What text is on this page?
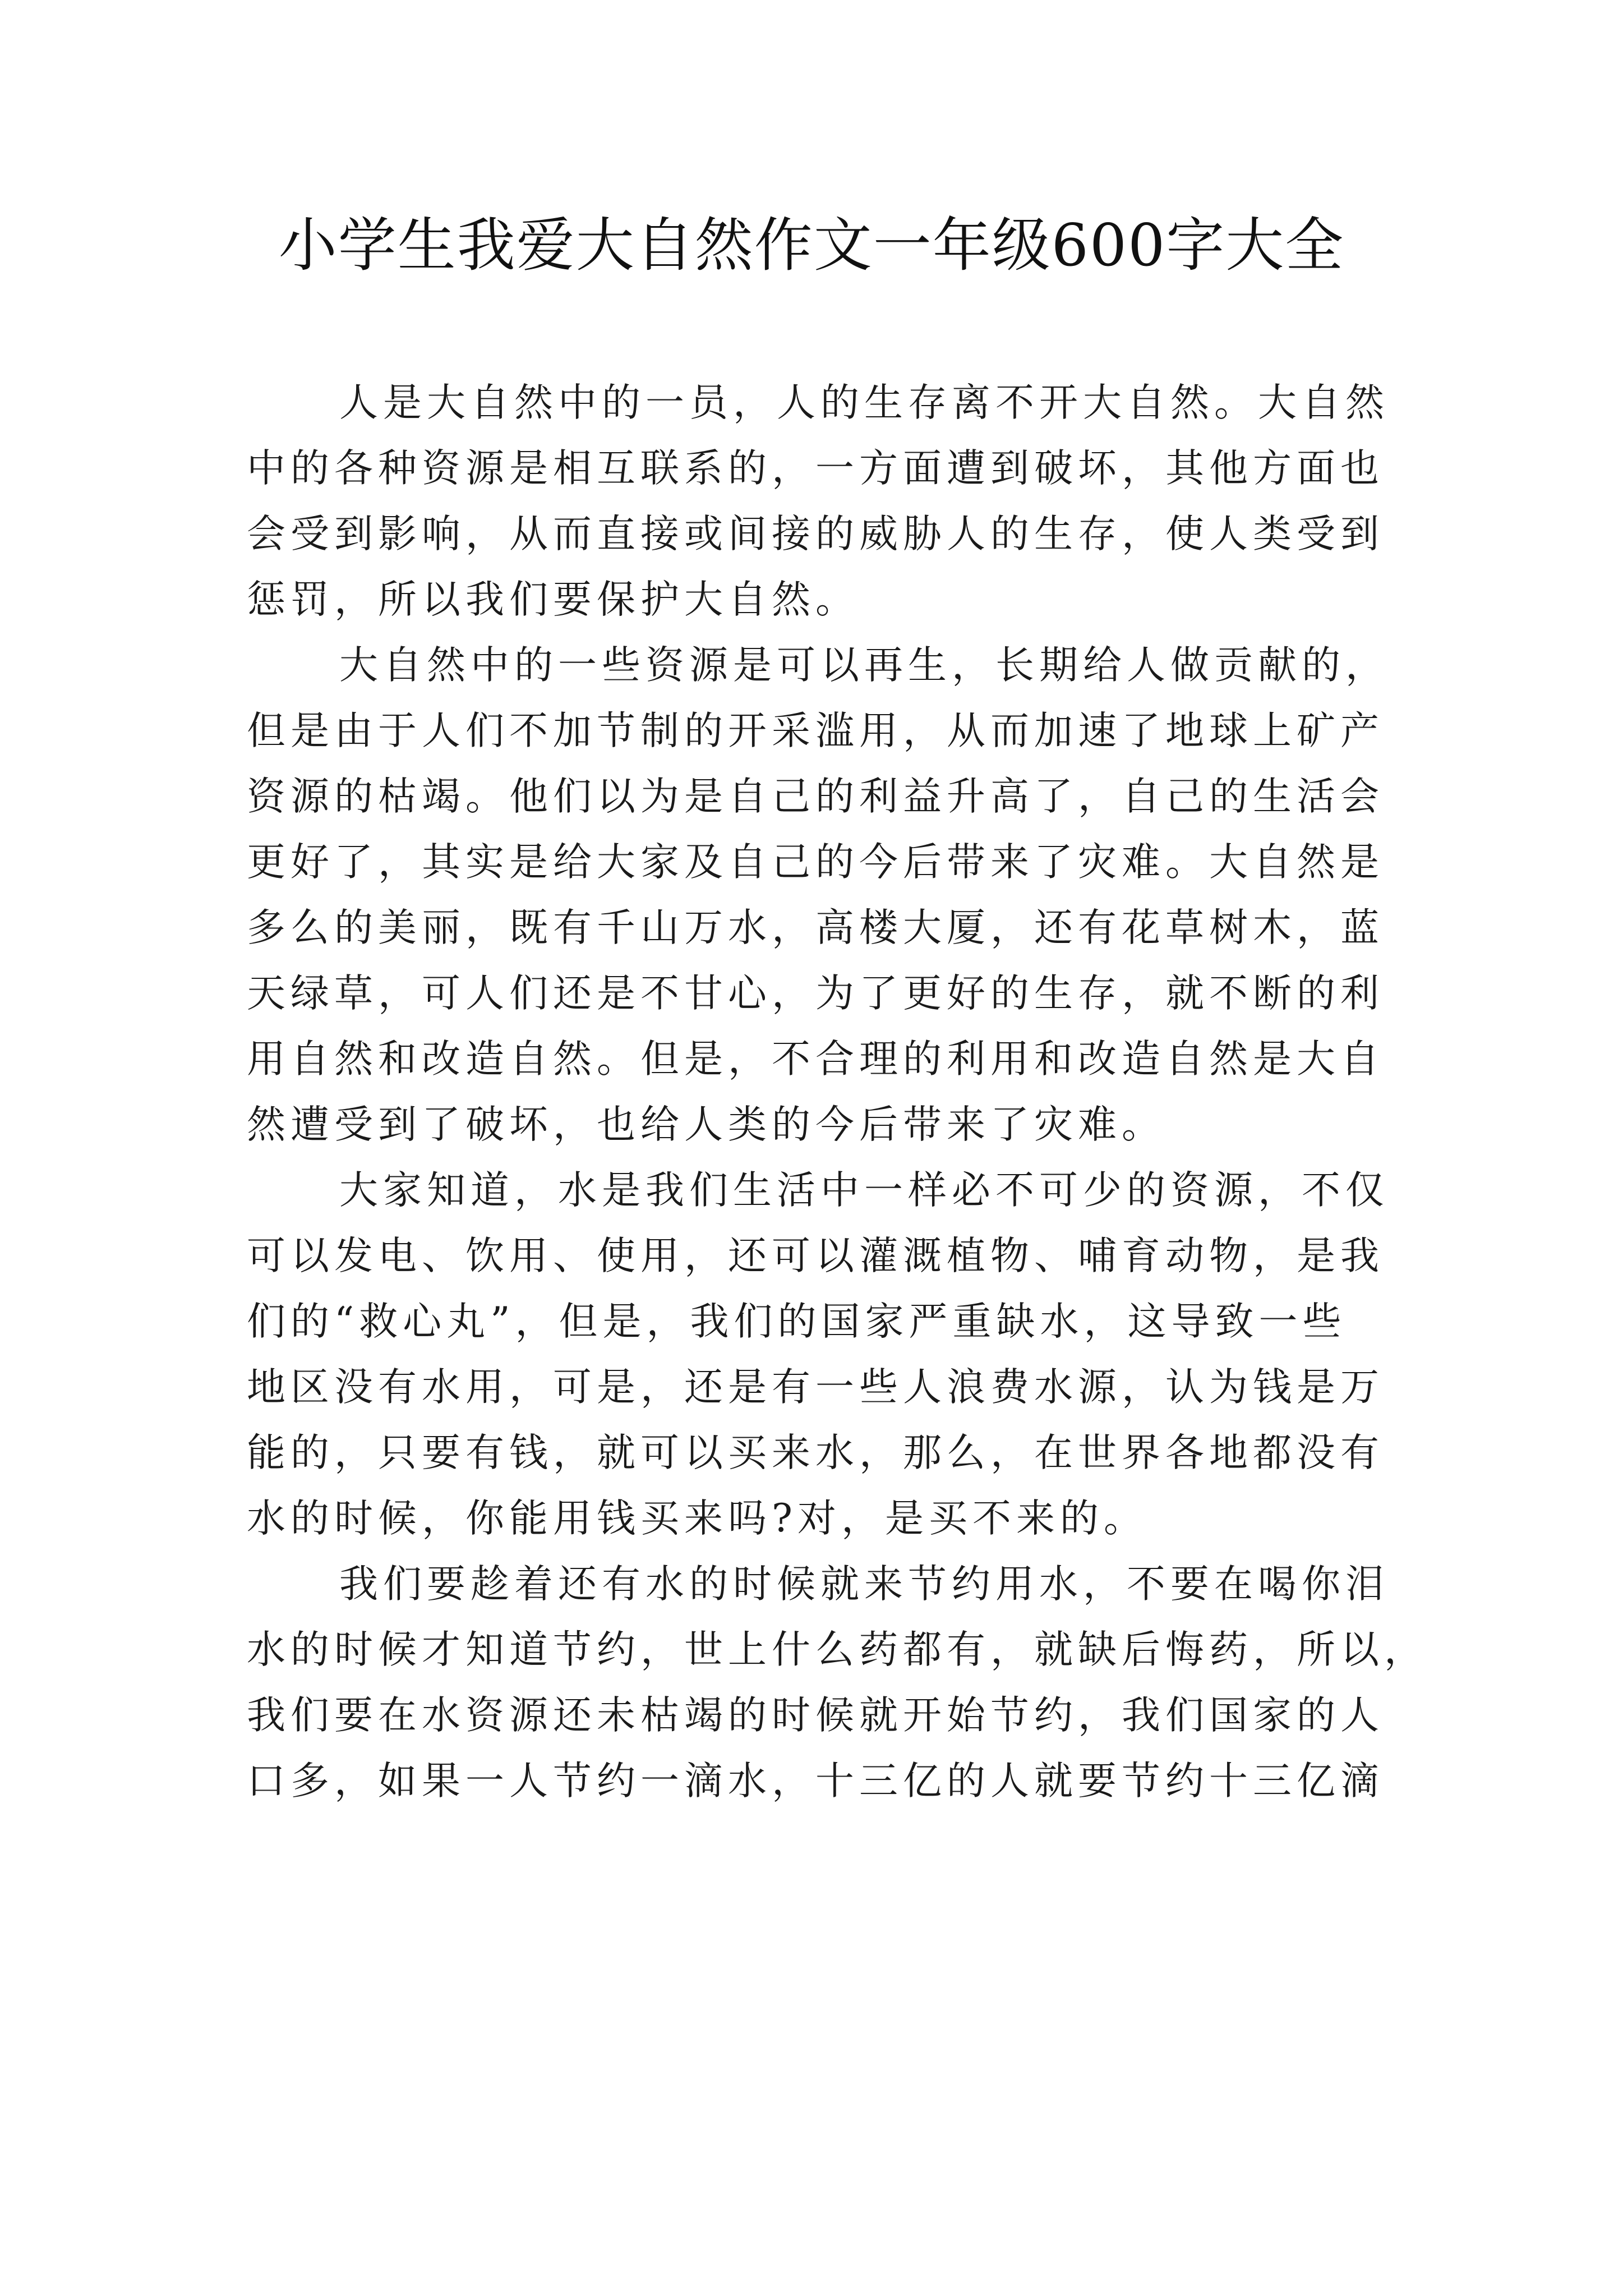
小学生我爱大自然作文一年级600字大全
人是大自然中的一员，人的生存离不开大自然。大自然
中的各种资源是相互联系的，一方面遭到破坏，其他方面也
会受到影响，从而直接或间接的威胁人的生存，使人类受到
惩罚，所以我们要保护大自然。
大自然中的一些资源是可以再生，长期给人做贡献的，
但是由于人们不加节制的开采滥用，从而加速了地球上矿产
资源的枯竭。他们以为是自己的利益升高了，自己的生活会
更好了，其实是给大家及自己的今后带来了灾难。大自然是
多么的美丽，既有千山万水，高楼大厦，还有花草树木，蓝
天绿草，可人们还是不甘心，为了更好的生存，就不断的利
用自然和改造自然。但是，不合理的利用和改造自然是大自
然遭受到了破坏，也给人类的今后带来了灾难。
大家知道，水是我们生活中一样必不可少的资源，不仅
可以发电、饮用、使用，还可以灌溉植物、哺育动物，是我
们的“救心丸”，但是，我们的国家严重缺水，这导致一些
地区没有水用，可是，还是有一些人浪费水源，认为钱是万
能的，只要有钱，就可以买来水，那么，在世界各地都没有
水的时候，你能用钱买来吗?对，是买不来的。
我们要趁着还有水的时候就来节约用水，不要在喝你泪
水的时候才知道节约，世上什么药都有，就缺后悔药，所以，
我们要在水资源还未枯竭的时候就开始节约，我们国家的人
口多，如果一人节约一滴水，十三亿的人就要节约十三亿滴
